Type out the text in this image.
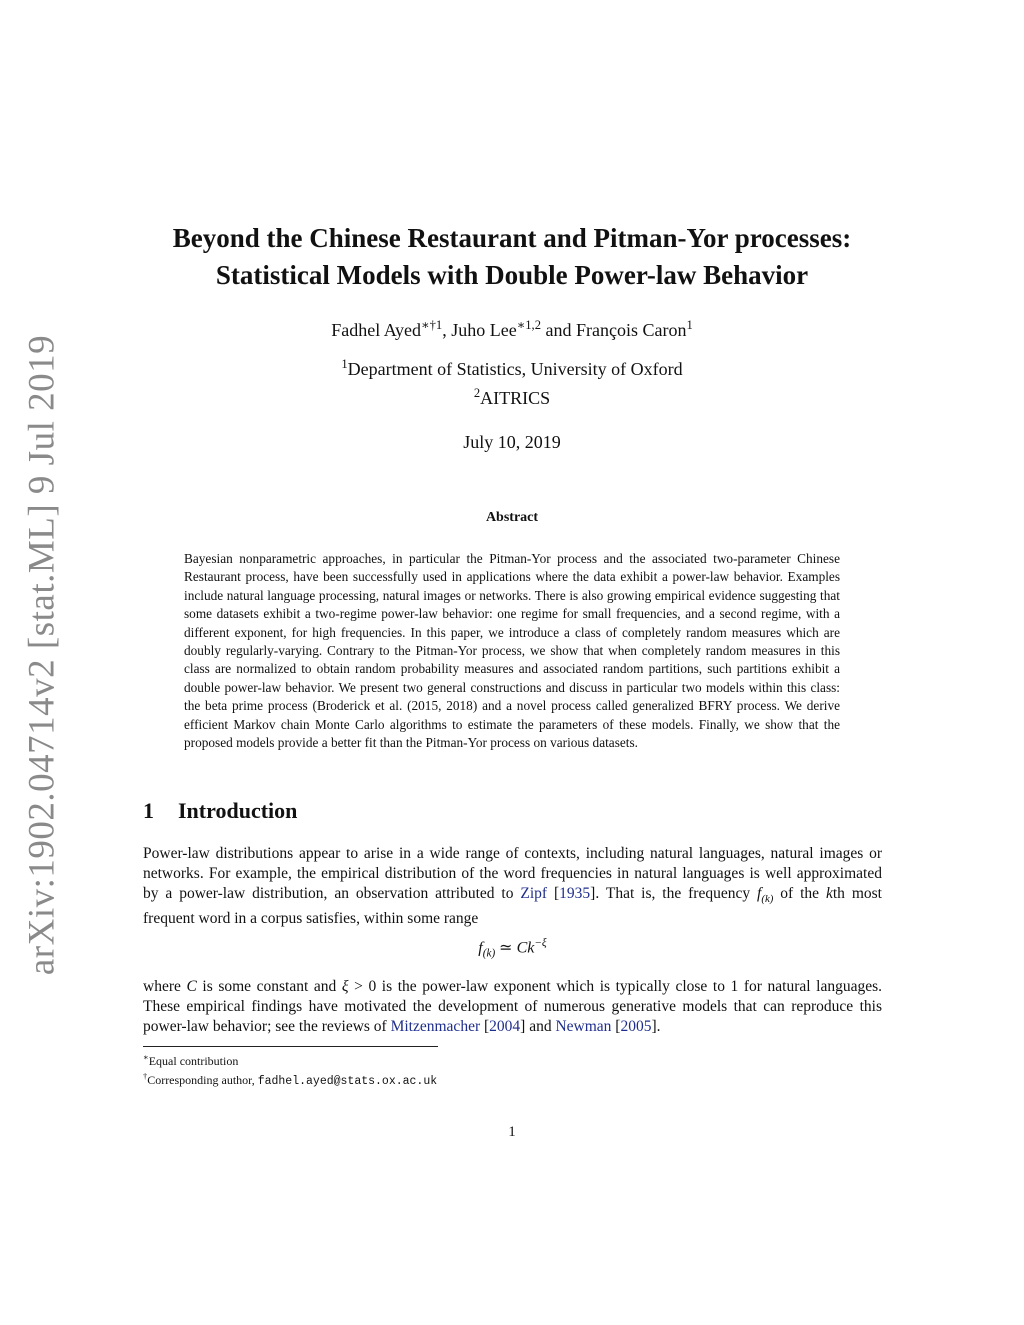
arXiv:1902.04714v2 [stat.ML] 9 Jul 2019
Beyond the Chinese Restaurant and Pitman-Yor processes:
Statistical Models with Double Power-law Behavior
Fadhel Ayed$^{∗\dagger 1}$, Juho Lee$^{∗1,2}$ and François Caron$^1$
$^1$Department of Statistics, University of Oxford
$^2$AITRICS
July 10, 2019
Abstract

Bayesian nonparametric approaches, in particular the Pitman-Yor process and the associated two-parameter Chinese Restaurant process, have been successfully used in applications where the data exhibit a power-law behavior. Examples include natural language processing, natural images or networks. There is also growing empirical evidence suggesting that some datasets exhibit a two-regime power-law behavior: one regime for small frequencies, and a second regime, with a different exponent, for high frequencies. In this paper, we introduce a class of completely random measures which are doubly regularly-varying. Contrary to the Pitman-Yor process, we show that when completely random measures in this class are normalized to obtain random probability measures and associated random partitions, such partitions exhibit a double power-law behavior. We present two general constructions and discuss in particular two models within this class: the beta prime process (Broderick et al. (2015, 2018) and a novel process called generalized BFRY process. We derive efficient Markov chain Monte Carlo algorithms to estimate the parameters of these models. Finally, we show that the proposed models provide a better fit than the Pitman-Yor process on various datasets.

1 Introduction

Power-law distributions appear to arise in a wide range of contexts, including natural languages, natural images or networks. For example, the empirical distribution of the word frequencies in natural languages is well approximated by a power-law distribution, an observation attributed to Zipf [1935]. That is, the frequency $f_{(k)}$ of the kth most frequent word in a corpus satisfies, within some range

$f_{(k)}$ ≃ $Ck^{-\xi}$

where C is some constant and ξ > 0 is the power-law exponent which is typically close to 1 for natural languages. These empirical findings have motivated the development of numerous generative models that can reproduce this power-law behavior; see the reviews of Mitzenmacher [2004] and Newman [2005].

∗Equal contribution
†Corresponding author, fadhel.ayed@stats.ox.ac.uk
1
